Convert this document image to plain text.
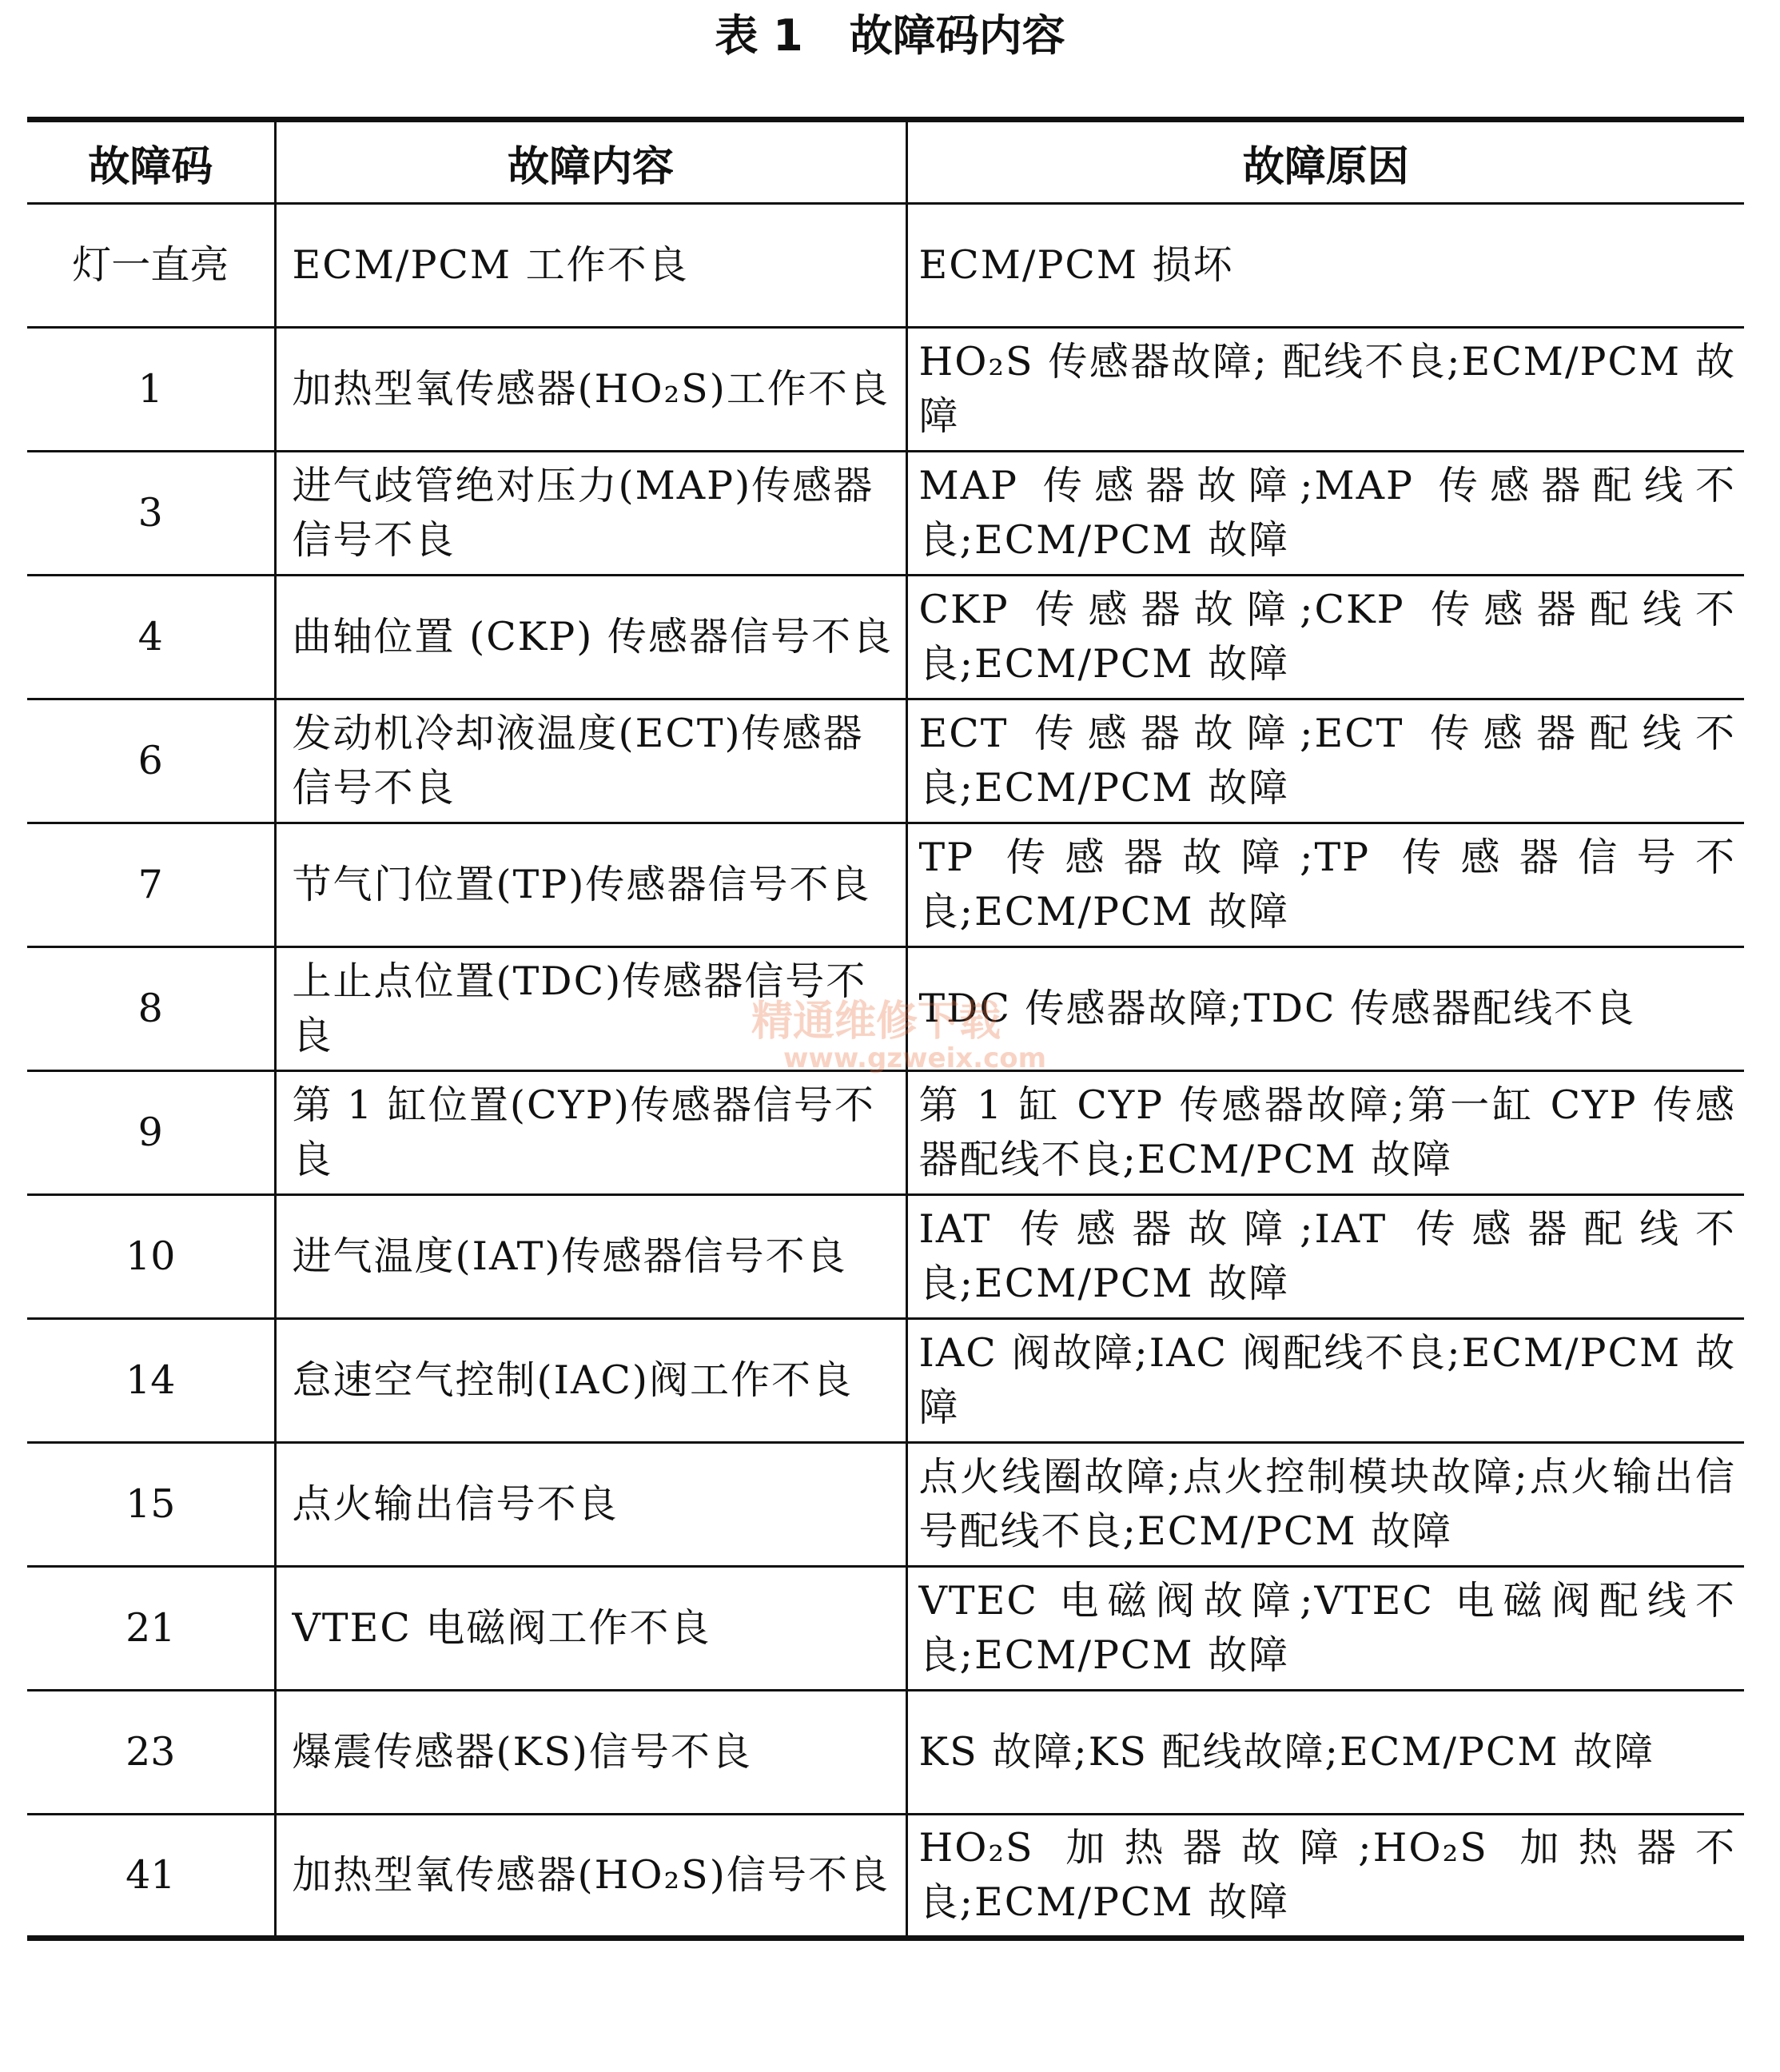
表 1 故障码内容
故障码	故障内容	故障原因
灯一直亮	ECM/PCM 工作不良	ECM/PCM 损坏
1	加热型氧传感器(HO₂S)工作不良	HO₂S 传感器故障; 配线不良;ECM/PCM 故障
3	进气歧管绝对压力(MAP)传感器信号不良	MAP 传感器故障;MAP 传感器配线不良;ECM/PCM 故障
4	曲轴位置 (CKP) 传感器信号不良	CKP 传感器故障;CKP 传感器配线不良;ECM/PCM 故障
6	发动机冷却液温度(ECT)传感器信号不良	ECT 传感器故障;ECT 传感器配线不良;ECM/PCM 故障
7	节气门位置(TP)传感器信号不良	TP 传感器故障;TP 传感器信号不良;ECM/PCM 故障
8	上止点位置(TDC)传感器信号不良	TDC 传感器故障;TDC 传感器配线不良
9	第 1 缸位置(CYP)传感器信号不良	第 1 缸 CYP 传感器故障;第一缸 CYP 传感器配线不良;ECM/PCM 故障
10	进气温度(IAT)传感器信号不良	IAT 传感器故障;IAT 传感器配线不良;ECM/PCM 故障
14	怠速空气控制(IAC)阀工作不良	IAC 阀故障;IAC 阀配线不良;ECM/PCM 故障
15	点火输出信号不良	点火线圈故障;点火控制模块故障;点火输出信号配线不良;ECM/PCM 故障
21	VTEC 电磁阀工作不良	VTEC 电磁阀故障;VTEC 电磁阀配线不良;ECM/PCM 故障
23	爆震传感器(KS)信号不良	KS 故障;KS 配线故障;ECM/PCM 故障
41	加热型氧传感器(HO₂S)信号不良	HO₂S 加热器故障;HO₂S 加热器不良;ECM/PCM 故障
精通维修下载
www.gzweix.com
